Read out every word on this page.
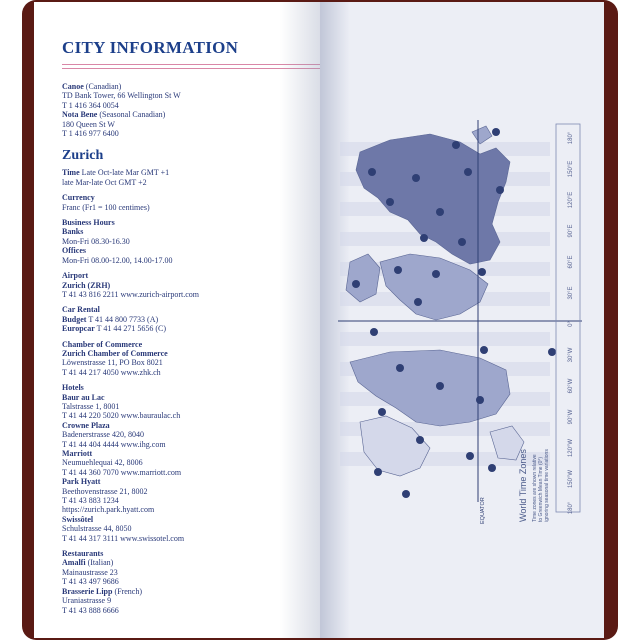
CITY INFORMATION
Canoe (Canadian)
TD Bank Tower, 66 Wellington St W
T 1 416 364 0054
Nota Bene (Seasonal Canadian)
180 Queen St W
T 1 416 977 6400
Zurich
Time Late Oct-late Mar GMT +1
late Mar-late Oct GMT +2
Currency
Franc (Fr1 = 100 centimes)
Business Hours
Banks
Mon-Fri 08.30-16.30
Offices
Mon-Fri 08.00-12.00, 14.00-17.00
Airport
Zurich (ZRH)
T 41 43 816 2211 www.zurich-airport.com
Car Rental
Budget T 41 44 800 7733 (A)
Europcar T 41 44 271 5656 (C)
Chamber of Commerce
Zurich Chamber of Commerce
Löwenstrasse 11, PO Box 8021
T 41 44 217 4050 www.zhk.ch
Hotels
Baur au Lac
Talstrasse 1, 8001
T 41 44 220 5020 www.bauraulac.ch
Crowne Plaza
Badenerstrasse 420, 8040
T 41 44 404 4444 www.ihg.com
Marriott
Neumuehlequai 42, 8006
T 41 44 360 7070 www.marriott.com
Park Hyatt
Beethovenstrasse 21, 8002
T 41 43 883 1234
https://zurich.park.hyatt.com
Swissôtel
Schulstrasse 44, 8050
T 41 44 317 3111 www.swissotel.com
Restaurants
Amalfi (Italian)
Mainaustrasse 23
T 41 43 497 9686
Brasserie Lipp (French)
Uraniastrasse 9
T 41 43 888 6666
180°
150°E
120°E
90°E
60°E
30°E
0°
30°W
60°W
90°W
120°W
150°W
180°
EQUATOR	World Time Zones Time zones are shown relative to Greenwich Mean Time (0°) ignoring seasonal time variations
